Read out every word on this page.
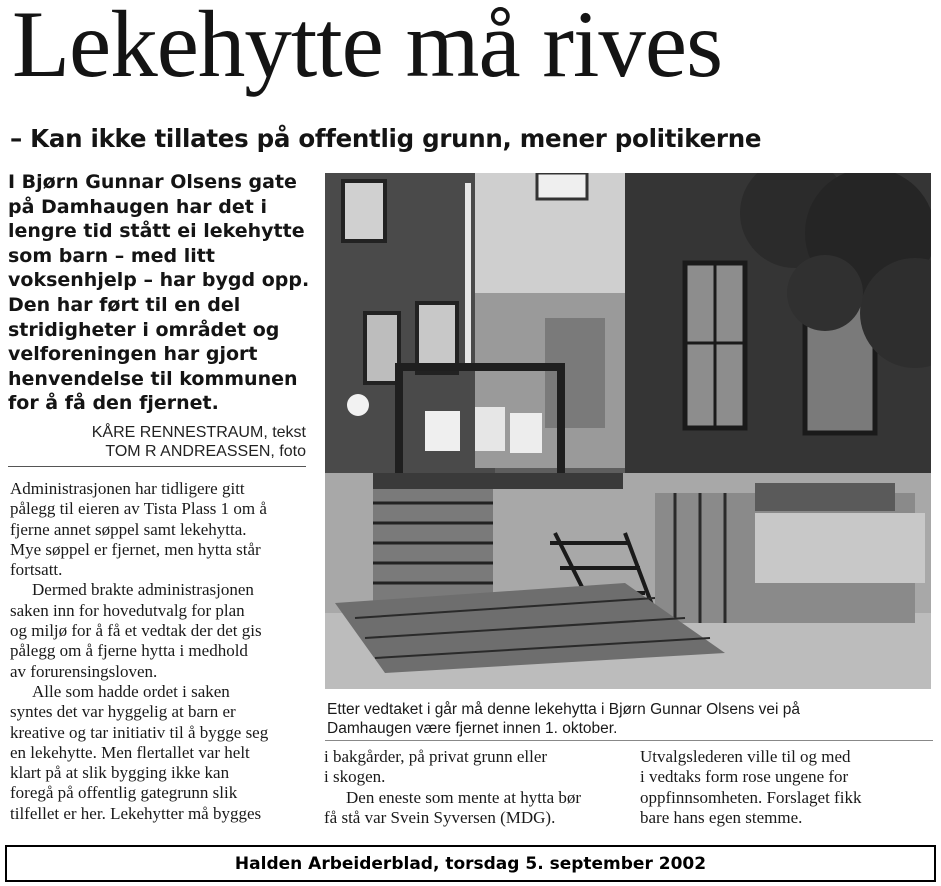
Lekehytte må rives
– Kan ikke tillates på offentlig grunn, mener politikerne
I Bjørn Gunnar Olsens gate
på Damhaugen har det i
lengre tid stått ei lekehytte
som barn – med litt
voksenhjelp – har bygd opp.
Den har ført til en del
stridigheter i området og
velforeningen har gjort
henvendelse til kommunen
for å få den fjernet.
KÅRE RENNESTRAUM, tekst
TOM R ANDREASSEN, foto
Administrasjonen har tidligere gitt
pålegg til eieren av Tista Plass 1 om å
fjerne annet søppel samt lekehytta.
Mye søppel er fjernet, men hytta står
fortsatt.
Dermed brakte administrasjonen
saken inn for hovedutvalg for plan
og miljø for å få et vedtak der det gis
pålegg om å fjerne hytta i medhold
av forurensingsloven.
Alle som hadde ordet i saken
syntes det var hyggelig at barn er
kreative og tar initiativ til å bygge seg
en lekehytte. Men flertallet var helt
klart på at slik bygging ikke kan
foregå på offentlig gategrunn slik
tilfellet er her. Lekehytter må bygges
Etter vedtaket i går må denne lekehytta i Bjørn Gunnar Olsens vei på
Damhaugen være fjernet innen 1. oktober.
i bakgårder, på privat grunn eller
i skogen.
Den eneste som mente at hytta bør
få stå var Svein Syversen (MDG).
Utvalgslederen ville til og med
i vedtaks form rose ungene for
oppfinnsomheten. Forslaget fikk
bare hans egen stemme.
Halden Arbeiderblad, torsdag 5. september 2002
